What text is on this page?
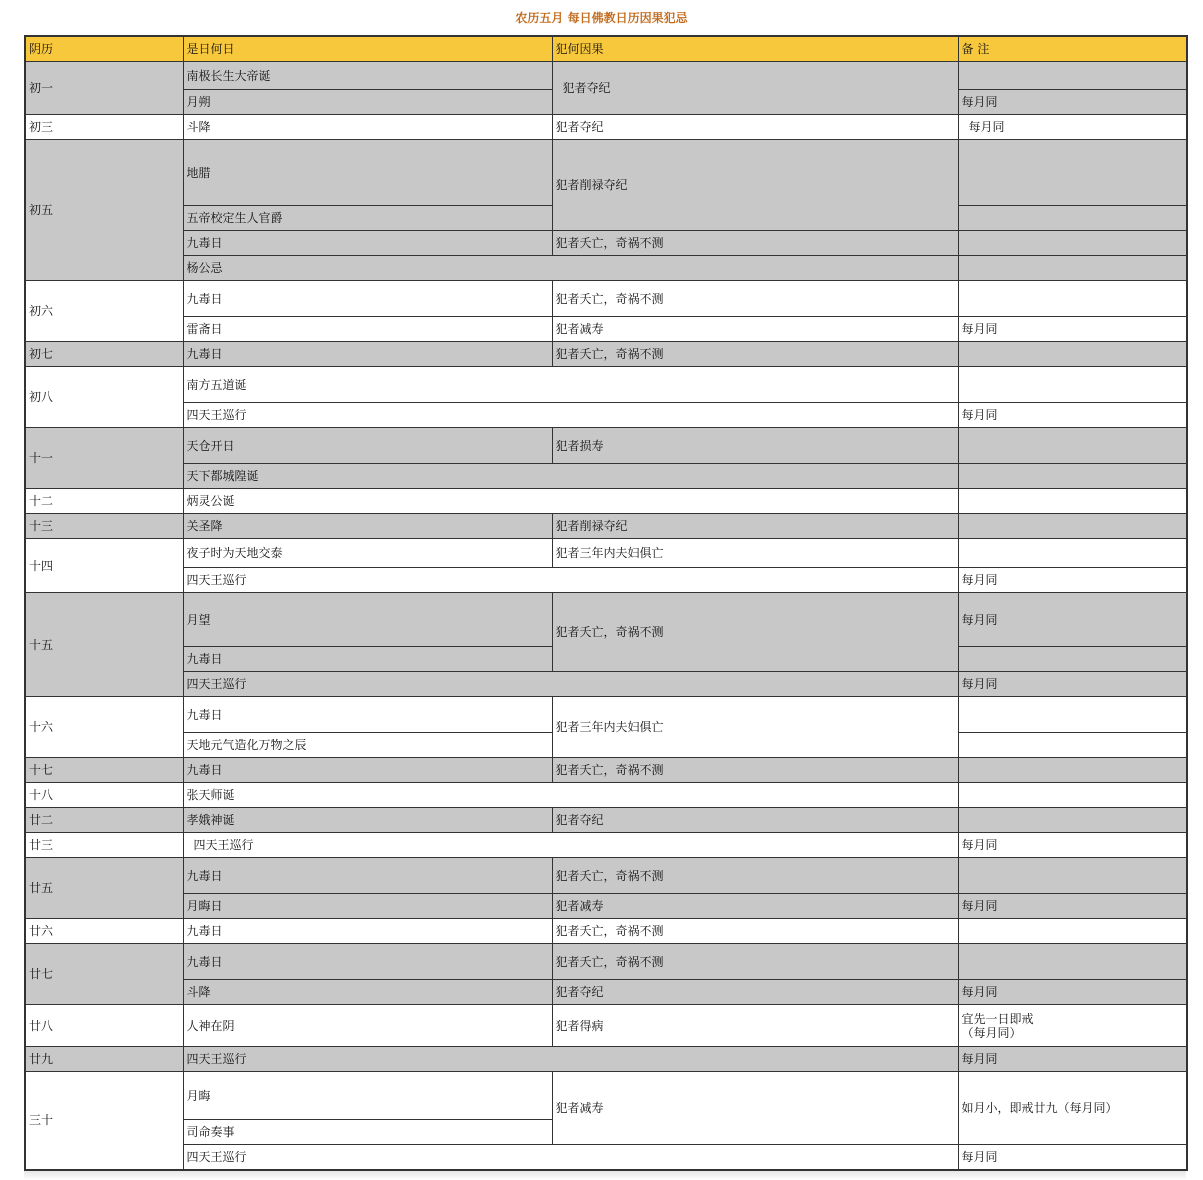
农历五月 每日佛教日历因果犯忌
阴历	是日何日	犯何因果	备 注
初一	南极长生大帝诞	犯者夺纪	
	月朔		每月同
初三	斗降	犯者夺纪	每月同
初五	地腊	犯者削禄夺纪	
	五帝校定生人官爵		
	九毒日	犯者夭亡，奇祸不测	
	杨公忌		
初六	九毒日	犯者夭亡，奇祸不测	
	雷斋日	犯者减寿	每月同
初七	九毒日	犯者夭亡，奇祸不测	
初八	南方五道诞		
	四天王巡行		每月同
十一	天仓开日	犯者损寿	
	天下都城隍诞		
十二	炳灵公诞		
十三	关圣降	犯者削禄夺纪	
十四	夜子时为天地交泰	犯者三年内夫妇俱亡	
	四天王巡行		每月同
十五	月望	犯者夭亡，奇祸不测	每月同
	九毒日		
	四天王巡行		每月同
十六	九毒日	犯者三年内夫妇俱亡	
	天地元气造化万物之辰		
十七	九毒日	犯者夭亡，奇祸不测	
十八	张天师诞		
廿二	孝娥神诞	犯者夺纪	
廿三	四天王巡行		每月同
廿五	九毒日	犯者夭亡，奇祸不测	
	月晦日	犯者减寿	每月同
廿六	九毒日	犯者夭亡，奇祸不测	
廿七	九毒日	犯者夭亡，奇祸不测	
	斗降	犯者夺纪	每月同
廿八	人神在阴	犯者得病	宜先一日即戒
（每月同）
廿九	四天王巡行		每月同
三十	月晦	犯者减寿	如月小，即戒廿九（每月同）
	司命奏事		
	四天王巡行		每月同
